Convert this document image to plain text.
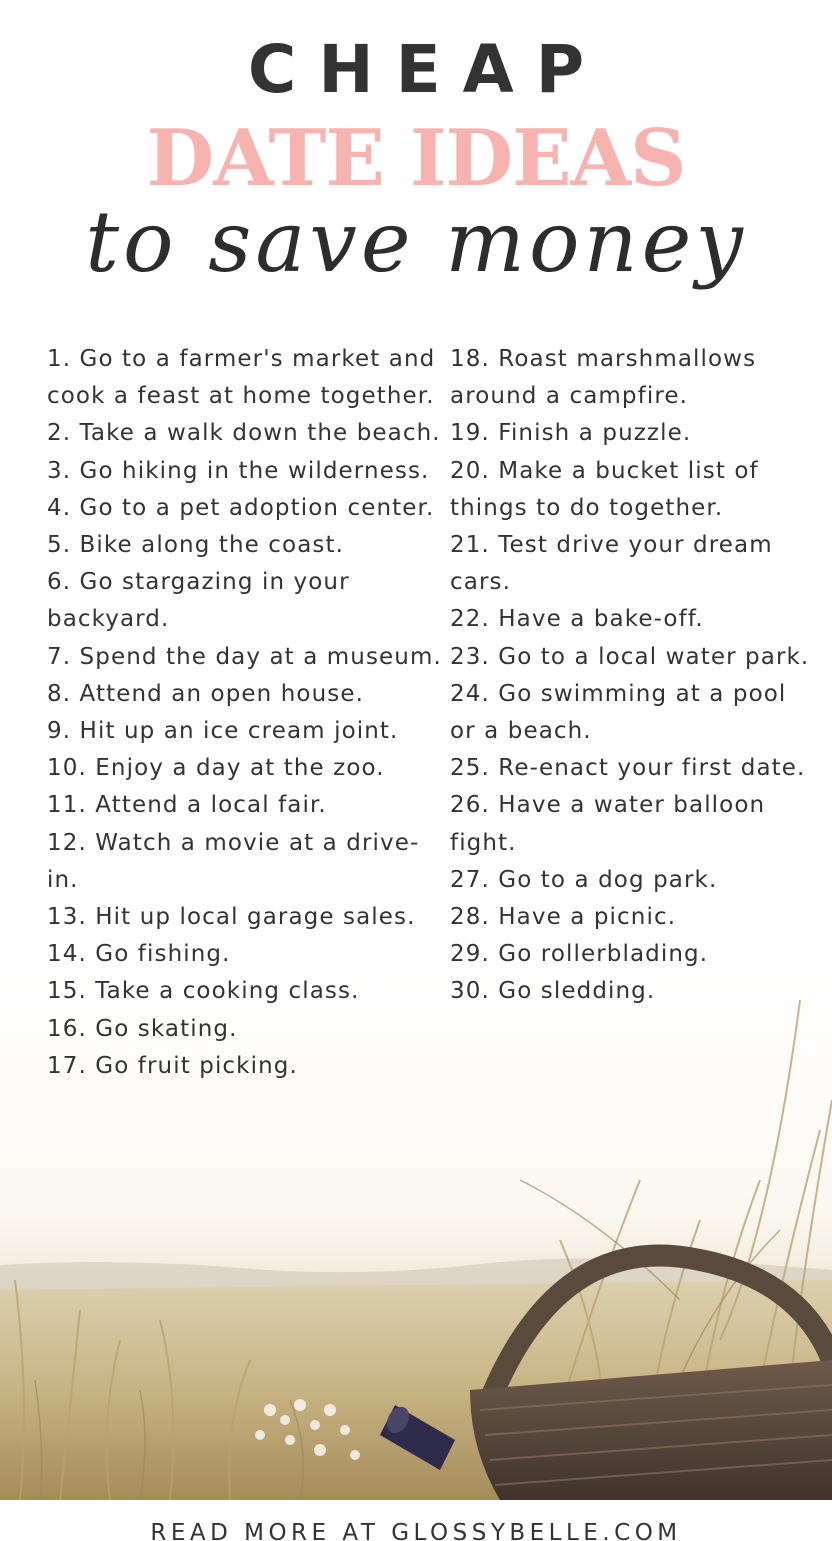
CHEAP
DATE IDEAS
to save money
1. Go to a farmer's market and cook a feast at home together.
2. Take a walk down the beach.
3. Go hiking in the wilderness.
4. Go to a pet adoption center.
5. Bike along the coast.
6. Go stargazing in your backyard.
7. Spend the day at a museum.
8. Attend an open house.
9. Hit up an ice cream joint.
10. Enjoy a day at the zoo.
11. Attend a local fair.
12. Watch a movie at a drive-in.
13. Hit up local garage sales.
14. Go fishing.
15. Take a cooking class.
16. Go skating.
17. Go fruit picking.
18. Roast marshmallows around a campfire.
19. Finish a puzzle.
20. Make a bucket list of things to do together.
21. Test drive your dream cars.
22. Have a bake-off.
23. Go to a local water park.
24. Go swimming at a pool or a beach.
25. Re-enact your first date.
26. Have a water balloon fight.
27. Go to a dog park.
28. Have a picnic.
29. Go rollerblading.
30. Go sledding.
READ MORE AT GLOSSYBELLE.COM
